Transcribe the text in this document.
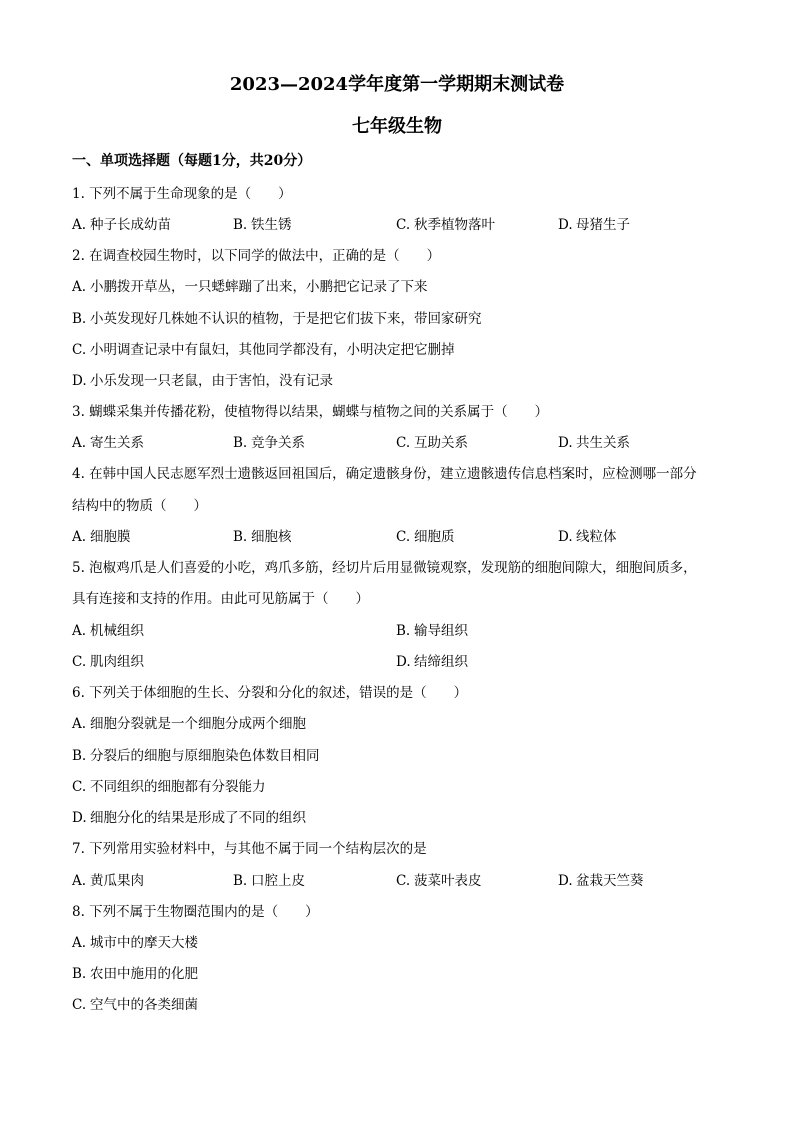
2023—2024学年度第一学期期末测试卷
七年级生物
一、单项选择题（每题1分，共20分）
1. 下列不属于生命现象的是（　　）
A. 种子长成幼苗	B. 铁生锈	C. 秋季植物落叶	D. 母猪生子
2. 在调查校园生物时，以下同学的做法中，正确的是（　　）
A. 小鹏拨开草丛，一只蟋蟀蹦了出来，小鹏把它记录了下来
B. 小英发现好几株她不认识的植物，于是把它们拔下来，带回家研究
C. 小明调查记录中有鼠妇，其他同学都没有，小明决定把它删掉
D. 小乐发现一只老鼠，由于害怕，没有记录
3. 蝴蝶采集并传播花粉，使植物得以结果，蝴蝶与植物之间的关系属于（　　）
A. 寄生关系	B. 竞争关系	C. 互助关系	D. 共生关系
4. 在韩中国人民志愿军烈士遗骸返回祖国后，确定遗骸身份，建立遗骸遗传信息档案时，应检测哪一部分
结构中的物质（　　）
A. 细胞膜	B. 细胞核	C. 细胞质	D. 线粒体
5. 泡椒鸡爪是人们喜爱的小吃，鸡爪多筋，经切片后用显微镜观察，发现筋的细胞间隙大，细胞间质多，
具有连接和支持的作用。由此可见筋属于（　　）
A. 机械组织	B. 输导组织
C. 肌肉组织	D. 结缔组织
6. 下列关于体细胞的生长、分裂和分化的叙述，错误的是（　　）
A. 细胞分裂就是一个细胞分成两个细胞
B. 分裂后的细胞与原细胞染色体数目相同
C. 不同组织的细胞都有分裂能力
D. 细胞分化的结果是形成了不同的组织
7. 下列常用实验材料中，与其他不属于同一个结构层次的是
A. 黄瓜果肉	B. 口腔上皮	C. 菠菜叶表皮	D. 盆栽天竺葵
8. 下列不属于生物圈范围内的是（　　）
A. 城市中的摩天大楼
B. 农田中施用的化肥
C. 空气中的各类细菌
